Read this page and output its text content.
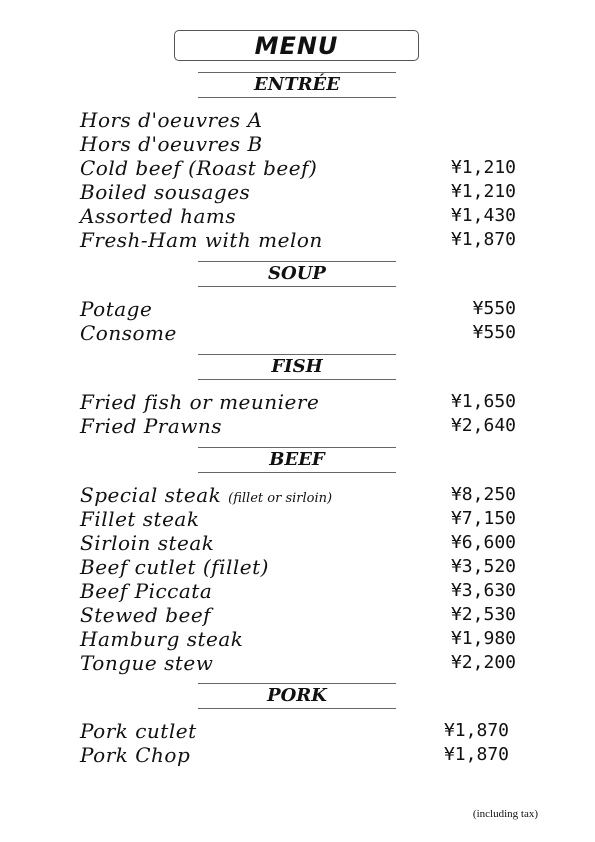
MENU
ENTRÉE
Hors d'oeuvres A
Hors d'oeuvres B
Cold beef (Roast beef)	¥1,210
Boiled sousages	¥1,210
Assorted hams	¥1,430
Fresh-Ham with melon	¥1,870
SOUP
Potage	¥550
Consome	¥550
FISH
Fried fish or meuniere	¥1,650
Fried Prawns	¥2,640
BEEF
Special steak (fillet or sirloin)	¥8,250
Fillet steak	¥7,150
Sirloin steak	¥6,600
Beef cutlet (fillet)	¥3,520
Beef Piccata	¥3,630
Stewed beef	¥2,530
Hamburg steak	¥1,980
Tongue stew	¥2,200
PORK
Pork cutlet	¥1,870
Pork Chop	¥1,870
(including tax)
